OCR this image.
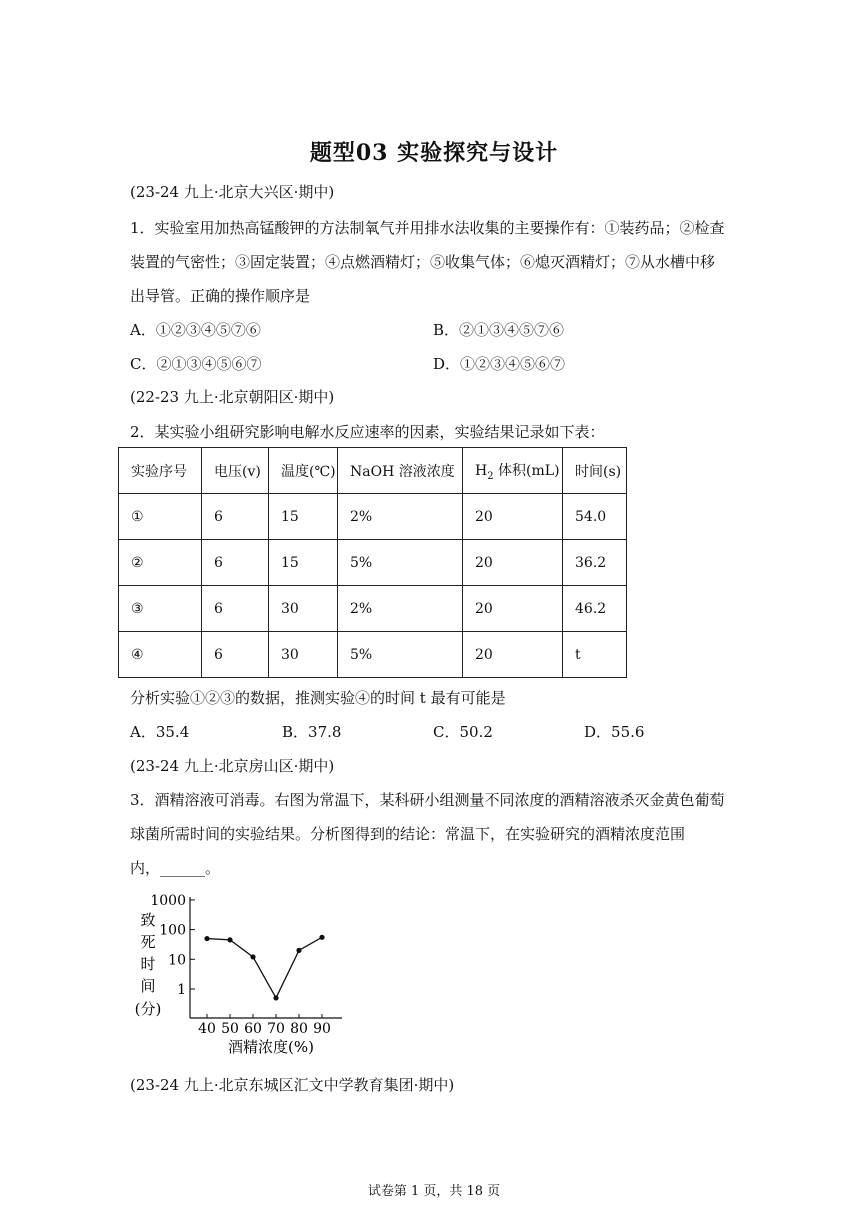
题型03 实验探究与设计
(23-24 九上·北京大兴区·期中)
1．实验室用加热高锰酸钾的方法制氧气并用排水法收集的主要操作有：①装药品；②检查
装置的气密性；③固定装置；④点燃酒精灯；⑤收集气体；⑥熄灭酒精灯；⑦从水槽中移
出导管。正确的操作顺序是
A．①②③④⑤⑦⑥	B．②①③④⑤⑦⑥
C．②①③④⑤⑥⑦	D．①②③④⑤⑥⑦
(22-23 九上·北京朝阳区·期中)
2．某实验小组研究影响电解水反应速率的因素，实验结果记录如下表：
实验序号	电压(v)	温度(℃)	NaOH 溶液浓度	$H_2$ 体积(mL)	时间(s)
①	6	15	2%	20	54.0
②	6	15	5%	20	36.2
③	6	30	2%	20	46.2
④	6	30	5%	20	t
分析实验①②③的数据，推测实验④的时间 t 最有可能是
A．35.4	B．37.8	C．50.2	D．55.6
(23-24 九上·北京房山区·期中)
3．酒精溶液可消毒。右图为常温下，某科研小组测量不同浓度的酒精溶液杀灭金黄色葡萄
球菌所需时间的实验结果。分析图得到的结论：常温下，在实验研究的酒精浓度范围
内，______。
1000
100
10
1
40 50 60 70 80 90
致
死
时
间
(分)
酒精浓度(%)
(23-24 九上·北京东城区汇文中学教育集团·期中)
试卷第 1 页，共 18 页
